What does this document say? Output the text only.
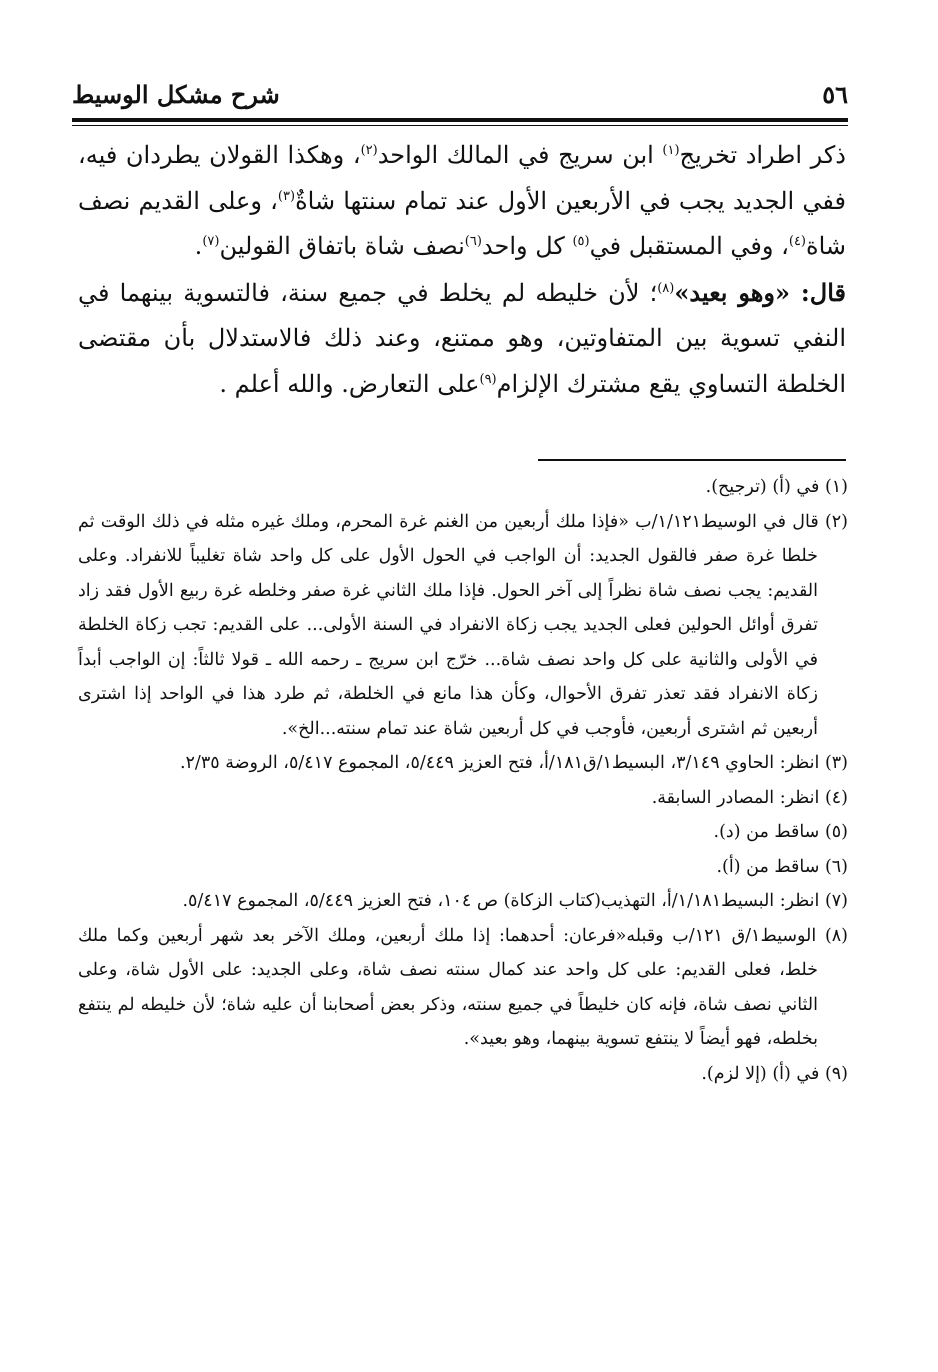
شرح مشكل الوسيط	٥٦

ذكر اطراد تخريج$^{(١)}$ ابن سريج في المالك الواحد$^{(٢)}$، وهكذا القولان يطردان فيه، ففي الجديد يجب في الأربعين الأول عند تمام سنتها شاةٌ$^{(٣)}$، وعلى القديم نصف شاة$^{(٤)}$، وفي المستقبل في$^{(٥)}$ كل واحد$^{(٦)}$نصف شاة باتفاق القولين$^{(٧)}$.

قال: «وهو بعيد»$^{(٨)}$؛ لأن خليطه لم يخلط في جميع سنة، فالتسوية بينهما في النفي تسوية بين المتفاوتين، وهو ممتنع، وعند ذلك فالاستدلال بأن مقتضى الخلطة التساوي يقع مشترك الإلزام$^{(٩)}$على التعارض. والله أعلم .

(١) في (أ) (ترجيح).

(٢) قال في الوسيط١/١٢١/ب «فإذا ملك أربعين من الغنم غرة المحرم، وملك غيره مثله في ذلك الوقت ثم خلطا غرة صفر فالقول الجديد: أن الواجب في الحول الأول على كل واحد شاة تغليباً للانفراد. وعلى القديم: يجب نصف شاة نظراً إلى آخر الحول. فإذا ملك الثاني غرة صفر وخلطه غرة ربيع الأول فقد زاد تفرق أوائل الحولين فعلى الجديد يجب زكاة الانفراد في السنة الأولى... على القديم: تجب زكاة الخلطة في الأولى والثانية على كل واحد نصف شاة... خرّج ابن سريج ـ رحمه الله ـ قولا ثالثاً: إن الواجب أبداً زكاة الانفراد فقد تعذر تفرق الأحوال، وكأن هذا مانع في الخلطة، ثم طرد هذا في الواحد إذا اشترى أربعين ثم اشترى أربعين، فأوجب في كل أربعين شاة عند تمام سنته...الخ».

(٣) انظر: الحاوي ٣/١٤٩، البسيط١/ق١٨١/أ، فتح العزيز ٥/٤٤٩، المجموع ٥/٤١٧، الروضة ٢/٣٥.

(٤) انظر: المصادر السابقة.

(٥) ساقط من (د).

(٦) ساقط من (أ).

(٧) انظر: البسيط١/١٨١/أ، التهذيب(كتاب الزكاة) ص ١٠٤، فتح العزيز ٥/٤٤٩، المجموع ٥/٤١٧.

(٨) الوسيط١/ق ١٢١/ب وقبله«فرعان: أحدهما: إذا ملك أربعين، وملك الآخر بعد شهر أربعين وكما ملك خلط، فعلى القديم: على كل واحد عند كمال سنته نصف شاة، وعلى الجديد: على الأول شاة، وعلى الثاني نصف شاة، فإنه كان خليطاً في جميع سنته، وذكر بعض أصحابنا أن عليه شاة؛ لأن خليطه لم ينتفع بخلطه، فهو أيضاً لا ينتفع تسوية بينهما، وهو بعيد».

(٩) في (أ) (إلا لزم).
